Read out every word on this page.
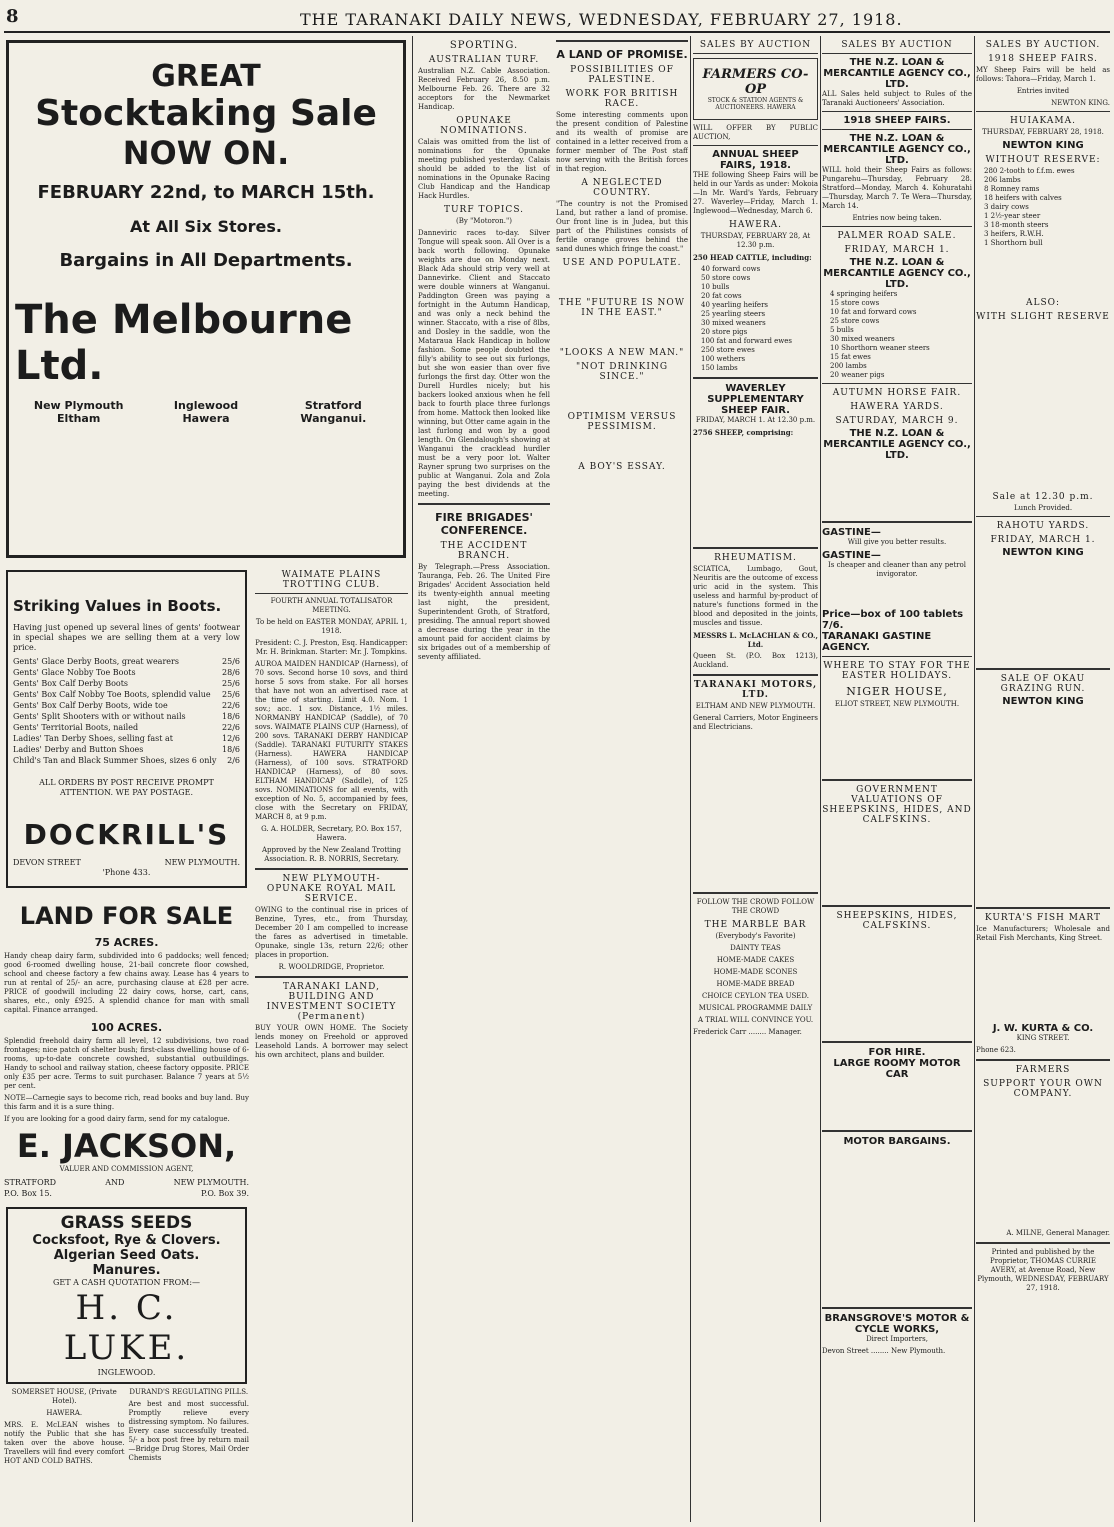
8	THE TARANAKI DAILY NEWS, WEDNESDAY, FEBRUARY 27, 1918.
GREAT
Stocktaking Sale
NOW ON.
FEBRUARY 22nd, to MARCH 15th.
At All Six Stores.
Bargains in All Departments.
The Melbourne Ltd.
New Plymouth	Inglewood	Stratford
Eltham	Hawera	Wanganui.
Striking Values in Boots.

Having just opened up several lines of gents' footwear in special shapes we are selling them at a very low price.

Gents' Glace Derby Boots, great wearers	25/6
Gents' Glace Nobby Toe Boots	28/6
Gents' Box Calf Derby Boots	25/6
Gents' Box Calf Nobby Toe Boots, splendid value 25/6
Gents' Box Calf Derby Boots, wide toe	22/6
Gents' Split Shooters with or without nails	18/6
Gents' Territorial Boots, nailed	22/6
Ladies' Tan Derby Shoes, selling fast at	12/6
Ladies' Derby and Button Shoes	18/6
Child's Tan and Black Summer Shoes, sizes 6 only 2/6

ALL ORDERS BY POST RECEIVE PROMPT ATTENTION. WE PAY POSTAGE.

DOCKRILL'S
DEVON STREET	NEW PLYMOUTH.

'Phone 433.

LAND FOR SALE
75 ACRES.

Handy cheap dairy farm, subdivided into 6 paddocks; well fenced; good 6-roomed dwelling house, 21-bail concrete floor cowshed, school and cheese factory a few chains away. Lease has 4 years to run at rental of 25/- an acre, purchasing clause at £28 per acre. PRICE of goodwill including 22 dairy cows, horse, cart, cans, shares, etc., only £925. A splendid chance for man with small capital. Finance arranged.

100 ACRES.

Splendid freehold dairy farm all level, 12 subdivisions, two road frontages; nice patch of shelter bush; first-class dwelling house of 6-rooms, up-to-date concrete cowshed, substantial outbuildings. Handy to school and railway station, cheese factory opposite. PRICE only £35 per acre. Terms to suit purchaser. Balance 7 years at 5½ per cent.

NOTE—Carnegie says to become rich, read books and buy land. Buy this farm and it is a sure thing.

If you are looking for a good dairy farm, send for my catalogue.

E. JACKSON,

VALUER AND COMMISSION AGENT,

STRATFORD	AND	NEW PLYMOUTH.
P.O. Box 15.	P.O. Box 39.
GRASS SEEDS
Cocksfoot, Rye & Clovers.
Algerian Seed Oats.
Manures.
GET A CASH QUOTATION FROM:—
H. C. LUKE.
INGLEWOOD.

SOMERSET HOUSE, (Private Hotel).

HAWERA.

MRS. E. McLEAN wishes to notify the Public that she has taken over the above house. Travellers will find every comfort HOT AND COLD BATHS.

DURAND'S REGULATING PILLS.

Are best and most successful. Promptly relieve every distressing symptom. No failures. Every case successfully treated. 5/- a box post free by return mail—Bridge Drug Stores, Mail Order Chemists

WAIMATE PLAINS TROTTING CLUB.

FOURTH ANNUAL TOTALISATOR MEETING.

To be held on EASTER MONDAY, APRIL 1, 1918.

President: C. J. Preston, Esq. Handicapper: Mr. H. Brinkman. Starter: Mr. J. Tompkins.

AUROA MAIDEN HANDICAP (Harness), of 70 sovs. Second horse 10 sovs, and third horse 5 sovs from stake. For all horses that have not won an advertised race at the time of starting. Limit 4.0. Nom. 1 sov.; acc. 1 sov. Distance, 1½ miles. NORMANBY HANDICAP (Saddle), of 70 sovs. WAIMATE PLAINS CUP (Harness), of 200 sovs. TARANAKI DERBY HANDICAP (Saddle). TARANAKI FUTURITY STAKES (Harness). HAWERA HANDICAP (Harness), of 100 sovs. STRATFORD HANDICAP (Harness), of 80 sovs. ELTHAM HANDICAP (Saddle), of 125 sovs. NOMINATIONS for all events, with exception of No. 5, accompanied by fees, close with the Secretary on FRIDAY, MARCH 8, at 9 p.m.

G. A. HOLDER, Secretary, P.O. Box 157, Hawera.

Approved by the New Zealand Trotting Association. R. B. NORRIS, Secretary.

NEW PLYMOUTH-OPUNAKE ROYAL MAIL SERVICE.

OWING to the continual rise in prices of Benzine, Tyres, etc., from Thursday, December 20 I am compelled to increase the fares as advertised in timetable. Opunake, single 13s, return 22/6; other places in proportion.

R. WOOLDRIDGE, Proprietor.

TARANAKI LAND, BUILDING AND INVESTMENT SOCIETY (Permanent)

BUY YOUR OWN HOME. The Society lends money on Freehold or approved Leasehold Lands. A borrower may select his own architect, plans and builder.

SPORTING.
AUSTRALIAN TURF.

Australian N.Z. Cable Association. Received February 26, 8.50 p.m. Melbourne Feb. 26. There are 32 acceptors for the Newmarket Handicap.

OPUNAKE NOMINATIONS.

Calais was omitted from the list of nominations for the Opunake meeting published yesterday. Calais should be added to the list of nominations in the Opunake Racing Club Handicap and the Handicap Hack Hurdles.

TURF TOPICS.

(By "Motoron.")

Danneviric races to-day. Silver Tongue will speak soon. All Over is a back worth following. Opunake weights are due on Monday next. Black Ada should strip very well at Dannevirke. Client and Staccato were double winners at Wanganui. Paddington Green was paying a fortnight in the Autumn Handicap, and was only a neck behind the winner. Staccato, with a rise of 8lbs, and Dosley in the saddle, won the Mataraua Hack Handicap in hollow fashion. Some people doubted the filly's ability to see out six furlongs, but she won easier than over five furlongs the first day. Otter won the Durell Hurdles nicely; but his backers looked anxious when he fell back to fourth place three furlongs from home. Mattock then looked like winning, but Otter came again in the last furlong and won by a good length. On Glendalough's showing at Wanganui the cracklead hurdler must be a very poor lot. Walter Rayner sprung two surprises on the public at Wanganui. Zola and Zola paying the best dividends at the meeting.

FIRE BRIGADES' CONFERENCE.
THE ACCIDENT BRANCH.

By Telegraph.—Press Association. Tauranga, Feb. 26. The United Fire Brigades' Accident Association held its twenty-eighth annual meeting last night, the president, Superintendent Groth, of Stratford, presiding. The annual report showed a decrease during the year in the amount paid for accident claims by six brigades out of a membership of seventy affiliated.

A LAND OF PROMISE.
POSSIBILITIES OF PALESTINE.
WORK FOR BRITISH RACE.

Some interesting comments upon the present condition of Palestine and its wealth of promise are contained in a letter received from a former member of The Post staff now serving with the British forces in that region.

A NEGLECTED COUNTRY.

"The country is not the Promised Land, but rather a land of promise. Our front line is in Judea, but this part of the Philistines consists of fertile orange groves behind the sand dunes which fringe the coast."

USE AND POPULATE.
THE "FUTURE IS NOW IN THE EAST."
"LOOKS A NEW MAN."
"NOT DRINKING SINCE."
OPTIMISM VERSUS PESSIMISM.
A BOY'S ESSAY.
SALES BY AUCTION
FARMERS CO-OP
STOCK & STATION AGENTS & AUCTIONEERS. HAWERA

WILL OFFER BY PUBLIC AUCTION,

ANNUAL SHEEP FAIRS, 1918.

THE following Sheep Fairs will be held in our Yards as under: Mokoia—In Mr. Ward's Yards, February 27. Waverley—Friday, March 1. Inglewood—Wednesday, March 6.

HAWERA.

THURSDAY, FEBRUARY 28, At 12.30 p.m.

250 HEAD CATTLE, including:

40 forward cows
50 store cows
10 bulls
20 fat cows
40 yearling heifers
25 yearling steers
30 mixed weaners
20 store pigs
100 fat and forward ewes
250 store ewes
100 wethers
150 lambs
WAVERLEY SUPPLEMENTARY SHEEP FAIR.

FRIDAY, MARCH 1. At 12.30 p.m.

2756 SHEEP, comprising:

RHEUMATISM.

SCIATICA, Lumbago, Gout, Neuritis are the outcome of excess uric acid in the system. This useless and harmful by-product of nature's functions formed in the blood and deposited in the joints, muscles and tissue.

MESSRS L. McLACHLAN & CO., Ltd.

Queen St. (P.O. Box 1213), Auckland.

TARANAKI MOTORS, LTD.

ELTHAM AND NEW PLYMOUTH.

General Carriers, Motor Engineers and Electricians.

FOLLOW THE CROWD FOLLOW THE CROWD

THE MARBLE BAR

(Everybody's Favorite)

DAINTY TEAS

HOME-MADE CAKES

HOME-MADE SCONES

HOME-MADE BREAD

CHOICE CEYLON TEA USED.

MUSICAL PROGRAMME DAILY

A TRIAL WILL CONVINCE YOU.

Frederick Carr ........ Manager.

SALES BY AUCTION
THE N.Z. LOAN & MERCANTILE AGENCY CO., LTD.

ALL Sales held subject to Rules of the Taranaki Auctioneers' Association.

1918 SHEEP FAIRS.
THE N.Z. LOAN & MERCANTILE AGENCY CO., LTD.

WILL hold their Sheep Fairs as follows: Pungarehu—Thursday, February 28. Stratford—Monday, March 4. Kohuratahi—Thursday, March 7. Te Wera—Thursday, March 14.

Entries now being taken.

PALMER ROAD SALE.
FRIDAY, MARCH 1.
THE N.Z. LOAN & MERCANTILE AGENCY CO., LTD.
4 springing heifers
15 store cows
10 fat and forward cows
25 store cows
5 bulls
30 mixed weaners
10 Shorthorn weaner steers
15 fat ewes
200 lambs
20 weaner pigs
AUTUMN HORSE FAIR.
HAWERA YARDS.
SATURDAY, MARCH 9.
THE N.Z. LOAN & MERCANTILE AGENCY CO., LTD.
GASTINE—

Will give you better results.

GASTINE—

Is cheaper and cleaner than any petrol invigorator.

Price—box of 100 tablets 7/6.
TARANAKI GASTINE AGENCY.
WHERE TO STAY FOR THE EASTER HOLIDAYS.
NIGER HOUSE,

ELIOT STREET, NEW PLYMOUTH.

GOVERNMENT VALUATIONS OF SHEEPSKINS, HIDES, AND CALFSKINS.
SHEEPSKINS, HIDES, CALFSKINS.
FOR HIRE.
LARGE ROOMY MOTOR CAR
MOTOR BARGAINS.
BRANSGROVE'S MOTOR & CYCLE WORKS,

Direct Importers,

Devon Street ........ New Plymouth.

SALES BY AUCTION.
1918 SHEEP FAIRS.

MY Sheep Fairs will be held as follows: Tahora—Friday, March 1.

Entries invited

NEWTON KING.

HUIAKAMA.

THURSDAY, FEBRUARY 28, 1918.

NEWTON KING
WITHOUT RESERVE:
280 2-tooth to f.f.m. ewes
206 lambs
8 Romney rams
18 heifers with calves
3 dairy cows
1 2½-year steer
3 18-month steers
3 heifers, R.W.H.
1 Shorthorn bull
ALSO:
WITH SLIGHT RESERVE
Sale at 12.30 p.m.

Lunch Provided.

RAHOTU YARDS.
FRIDAY, MARCH 1.
NEWTON KING
SALE OF OKAU GRAZING RUN.
NEWTON KING
KURTA'S FISH MART

Ice Manufacturers; Wholesale and Retail Fish Merchants, King Street.

J. W. KURTA & CO.

KING STREET.

Phone 623.

FARMERS
SUPPORT YOUR OWN COMPANY.

A. MILNE, General Manager.

Printed and published by the Proprietor, THOMAS CURRIE AVERY, at Avenue Road, New Plymouth, WEDNESDAY, FEBRUARY 27, 1918.
